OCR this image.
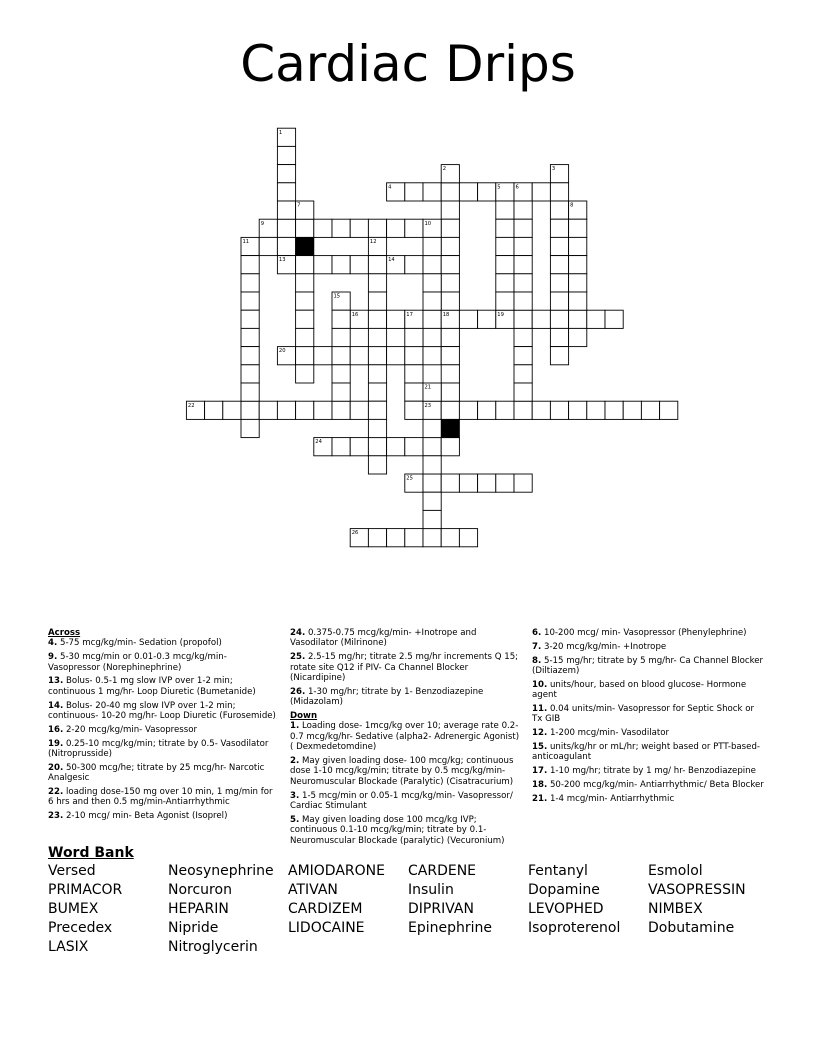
Cardiac Drips
4
9
11
13	14
16	19
20
22	23
24
25
26
1
2	3
5	6
7	8
10
12
15
17	18
21
Across
4. 5-75 mcg/kg/min- Sedation (propofol)
9. 5-30 mcg/min or 0.01-0.3 mcg/kg/min- Vasopressor (Norephinephrine)
13. Bolus- 0.5-1 mg slow IVP over 1-2 min; continuous 1 mg/hr- Loop Diuretic (Bumetanide)
14. Bolus- 20-40 mg slow IVP over 1-2 min; continuous- 10-20 mg/hr- Loop Diuretic (Furosemide)
16. 2-20 mcg/kg/min- Vasopressor
19. 0.25-10 mcg/kg/min; titrate by 0.5- Vasodilator (Nitroprusside)
20. 50-300 mcg/he; titrate by 25 mcg/hr- Narcotic Analgesic
22. loading dose-150 mg over 10 min, 1 mg/min for 6 hrs and then 0.5 mg/min-Antiarrhythmic
23. 2-10 mcg/ min- Beta Agonist (Isoprel)
24. 0.375-0.75 mcg/kg/min- +Inotrope and Vasodilator (Milrinone)
25. 2.5-15 mg/hr; titrate 2.5 mg/hr increments Q 15; rotate site Q12 if PIV- Ca Channel Blocker (Nicardipine)
26. 1-30 mg/hr; titrate by 1- Benzodiazepine (Midazolam)
Down
1. Loading dose- 1mcg/kg over 10; average rate 0.2-0.7 mcg/kg/hr- Sedative (alpha2- Adrenergic Agonist) ( Dexmedetomdine)
2. May given loading dose- 100 mcg/kg; continuous dose 1-10 mcg/kg/min; titrate by 0.5 mcg/kg/min- Neuromuscular Blockade (Paralytic) (Cisatracurium)
3. 1-5 mcg/min or 0.05-1 mcg/kg/min- Vasopressor/ Cardiac Stimulant
5. May given loading dose 100 mcg/kg IVP; continuous 0.1-10 mcg/kg/min; titrate by 0.1- Neuromuscular Blockade (paralytic) (Vecuronium)
6. 10-200 mcg/ min- Vasopressor (Phenylephrine)
7. 3-20 mcg/kg/min- +Inotrope
8. 5-15 mg/hr; titrate by 5 mg/hr- Ca Channel Blocker (Diltiazem)
10. units/hour, based on blood glucose- Hormone agent
11. 0.04 units/min- Vasopressor for Septic Shock or Tx GIB
12. 1-200 mcg/min- Vasodilator
15. units/kg/hr or mL/hr; weight based or PTT-based- anticoagulant
17. 1-10 mg/hr; titrate by 1 mg/ hr- Benzodiazepine
18. 50-200 mcg/kg/min- Antiarrhythmic/ Beta Blocker
21. 1-4 mcg/min- Antiarrhythmic
Word Bank
Versed
PRIMACOR
BUMEX
Precedex
LASIX
Neosynephrine
Norcuron
HEPARIN
Nipride
Nitroglycerin
AMIODARONE
ATIVAN
CARDIZEM
LIDOCAINE
CARDENE
Insulin
DIPRIVAN
Epinephrine
Fentanyl
Dopamine
LEVOPHED
Isoproterenol
Esmolol
VASOPRESSIN
NIMBEX
Dobutamine
